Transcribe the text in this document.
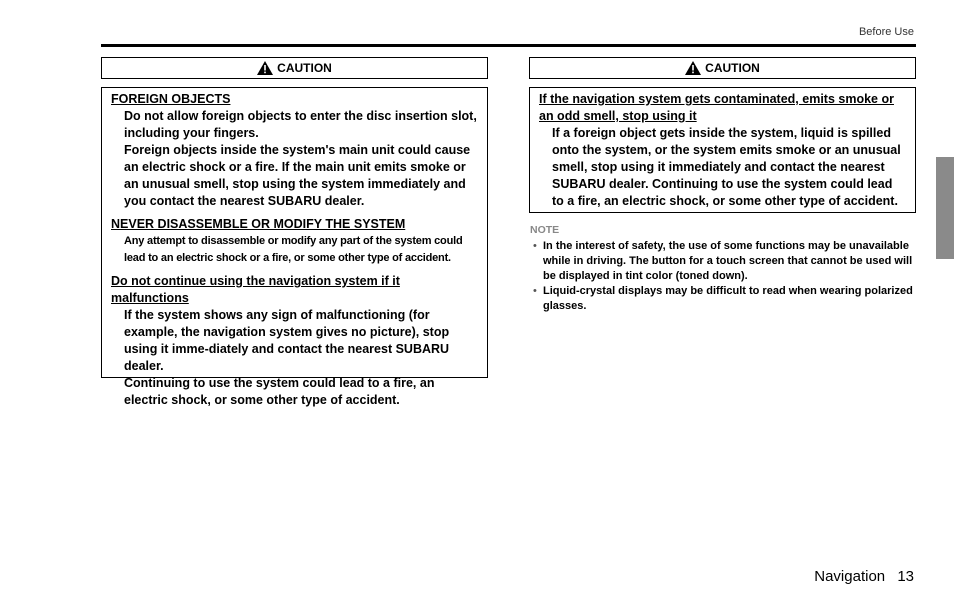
Before Use
CAUTION
FOREIGN OBJECTS
Do not allow foreign objects to enter the disc insertion slot, including your fingers.
Foreign objects inside the system's main unit could cause an electric shock or a fire. If the main unit emits smoke or an unusual smell, stop using the system immediately and you contact the nearest SUBARU dealer.
NEVER DISASSEMBLE OR MODIFY THE SYSTEM
Any attempt to disassemble or modify any part of the system could lead to an electric shock or a fire, or some other type of accident.
Do not continue using the navigation system if it malfunctions
If the system shows any sign of malfunctioning (for example, the navigation system gives no picture), stop using it imme-diately and contact the nearest SUBARU dealer.
Continuing to use the system could lead to a fire, an electric shock, or some other type of accident.
CAUTION
If the navigation system gets contaminated, emits smoke or an odd smell, stop using it
If a foreign object gets inside the system, liquid is spilled onto the system, or the system emits smoke or an unusual smell, stop using it immediately and contact the nearest SUBARU dealer. Continuing to use the system could lead to a fire, an electric shock, or some other type of accident.
NOTE
• In the interest of safety, the use of some functions may be unavailable while in driving. The button for a touch screen that cannot be used will be displayed in tint color (toned down).
• Liquid-crystal displays may be difficult to read when wearing polarized glasses.
Navigation 13
